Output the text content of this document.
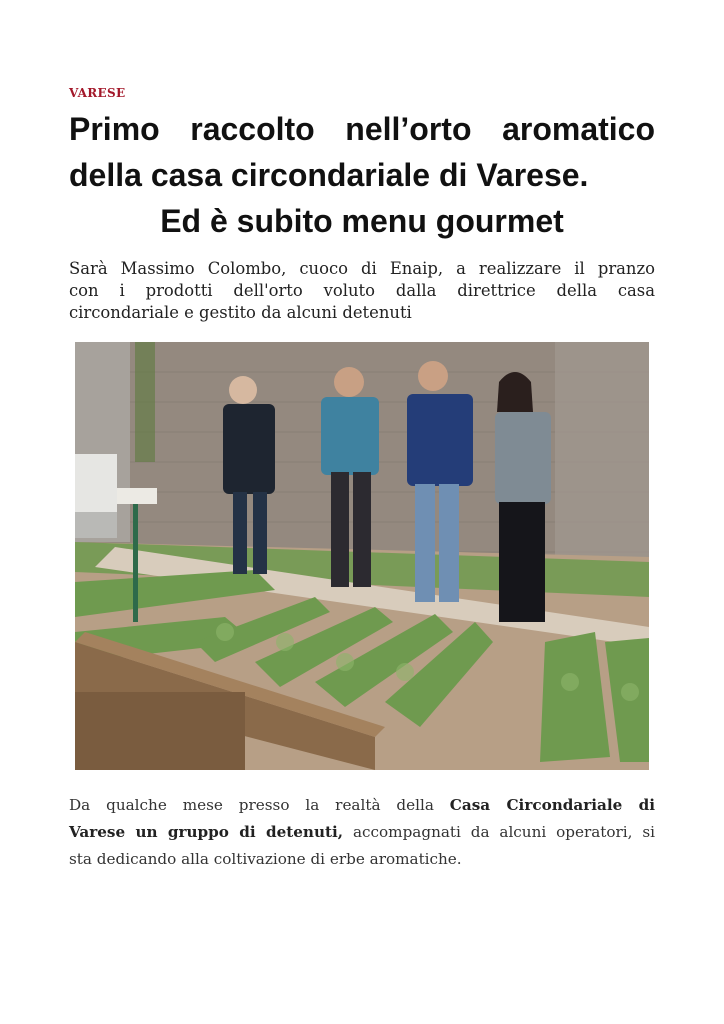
VARESE
Primo raccolto nell’orto aromatico
della casa circondariale di Varese.
Ed è subito menu gourmet
Sarà Massimo Colombo, cuoco di Enaip, a realizzare il pranzo
con i prodotti dell'orto voluto dalla direttrice della casa
circondariale e gestito da alcuni detenuti
Da qualche mese presso la realtà della Casa Circondariale di
Varese un gruppo di detenuti, accompagnati da alcuni operatori, si
sta dedicando alla coltivazione di erbe aromatiche.
